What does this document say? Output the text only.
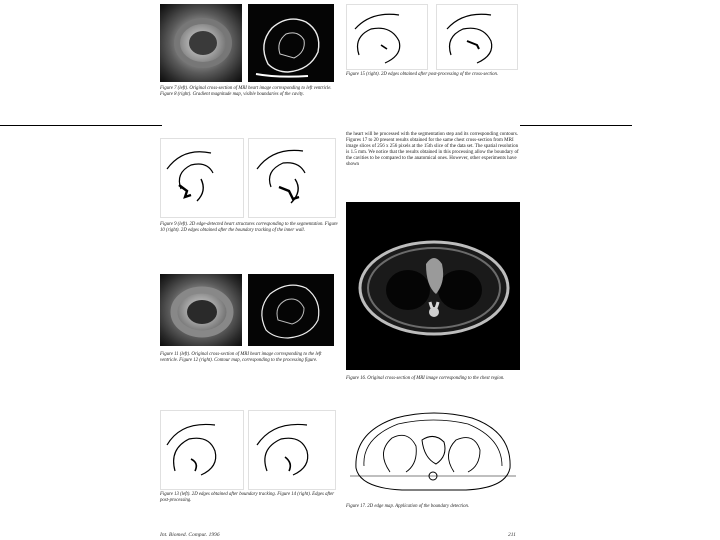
Figure 7 (left). Original cross-section of MRI heart image corresponding to left ventricle. Figure 8 (right). Gradient magnitude map, visible boundaries of the cavity.
Figure 9 (left). 2D edge-detected heart structures corresponding to the segmentation. Figure 10 (right). 2D edges obtained after the boundary tracking of the inner wall.
Figure 11 (left). Original cross-section of MRI heart image corresponding to the left ventricle. Figure 12 (right). Contour map, corresponding to the processing figure.
Figure 13 (left). 2D edges obtained after boundary tracking. Figure 14 (right). Edges after post-processing.
Figure 15 (right). 2D edges obtained after post-processing of the cross-section.
the heart will be processed with the segmentation step and its corresponding contours. Figures 17 to 20 present results obtained for the same chest cross-section from MRI image slices of 256 x 256 pixels at the 15th slice of the data set. The spatial resolution is 1.5 mm. We notice that the results obtained in this processing allow the boundary of the cavities to be compared to the anatomical ones. However, other experiments have shown
Figure 16. Original cross-section of MRI image corresponding to the chest region.
Figure 17. 2D edge map. Application of the boundary detection.
Int. Biomed. Comput. 1996	211
